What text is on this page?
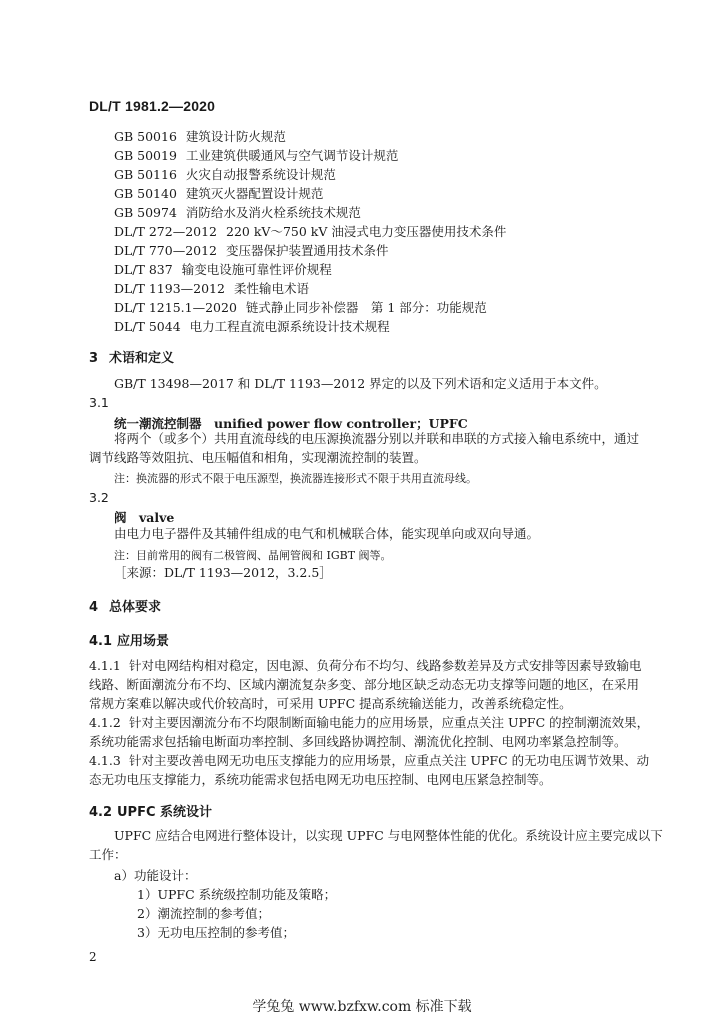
DL/T 1981.2—2020
GB 50016 建筑设计防火规范
GB 50019 工业建筑供暖通风与空气调节设计规范
GB 50116 火灾自动报警系统设计规范
GB 50140 建筑灭火器配置设计规范
GB 50974 消防给水及消火栓系统技术规范
DL/T 272—2012 220 kV～750 kV 油浸式电力变压器使用技术条件
DL/T 770—2012 变压器保护装置通用技术条件
DL/T 837 输变电设施可靠性评价规程
DL/T 1193—2012 柔性输电术语
DL/T 1215.1—2020 链式静止同步补偿器　第 1 部分：功能规范
DL/T 5044 电力工程直流电源系统设计技术规程
3 术语和定义
GB/T 13498—2017 和 DL/T 1193—2012 界定的以及下列术语和定义适用于本文件。
3.1
统一潮流控制器　unified power flow controller；UPFC
将两个（或多个）共用直流母线的电压源换流器分别以并联和串联的方式接入输电系统中，通过
调节线路等效阻抗、电压幅值和相角，实现潮流控制的装置。
注：换流器的形式不限于电压源型，换流器连接形式不限于共用直流母线。
3.2
阀　valve
由电力电子器件及其辅件组成的电气和机械联合体，能实现单向或双向导通。
注：目前常用的阀有二极管阀、晶闸管阀和 IGBT 阀等。
［来源：DL/T 1193—2012，3.2.5］
4 总体要求
4.1 应用场景
4.1.1 针对电网结构相对稳定，因电源、负荷分布不均匀、线路参数差异及方式安排等因素导致输电
线路、断面潮流分布不均、区域内潮流复杂多变、部分地区缺乏动态无功支撑等问题的地区，在采用
常规方案难以解决或代价较高时，可采用 UPFC 提高系统输送能力，改善系统稳定性。
4.1.2 针对主要因潮流分布不均限制断面输电能力的应用场景，应重点关注 UPFC 的控制潮流效果，
系统功能需求包括输电断面功率控制、多回线路协调控制、潮流优化控制、电网功率紧急控制等。
4.1.3 针对主要改善电网无功电压支撑能力的应用场景，应重点关注 UPFC 的无功电压调节效果、动
态无功电压支撑能力，系统功能需求包括电网无功电压控制、电网电压紧急控制等。
4.2 UPFC 系统设计
UPFC 应结合电网进行整体设计，以实现 UPFC 与电网整体性能的优化。系统设计应主要完成以下
工作：
a）功能设计：
1）UPFC 系统级控制功能及策略；
2）潮流控制的参考值；
3）无功电压控制的参考值；
2
学兔兔 www.bzfxw.com 标准下载
